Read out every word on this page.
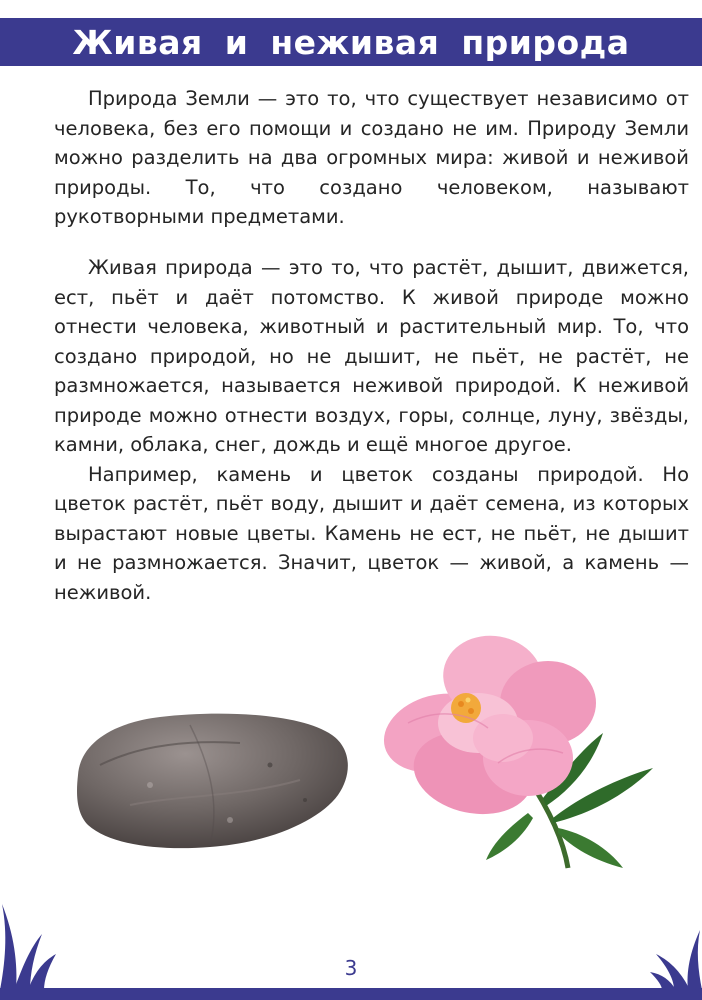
Живая и неживая природа

Природа Земли — это то, что существует независимо от человека, без его помощи и создано не им. Природу Земли можно разделить на два огромных мира: живой и неживой природы. То, что создано человеком, называют рукотворными предметами.

Живая природа — это то, что растёт, дышит, движется, ест, пьёт и даёт потомство. К живой природе можно отнести человека, животный и растительный мир. То, что создано природой, но не дышит, не пьёт, не растёт, не размножается, называется неживой природой. К неживой природе можно отнести воздух, горы, солнце, луну, звёзды, камни, облака, снег, дождь и ещё многое другое.

Например, камень и цветок созданы природой. Но цветок растёт, пьёт воду, дышит и даёт семена, из которых вырастают новые цветы. Камень не ест, не пьёт, не дышит и не размножается. Значит, цветок — живой, а камень — неживой.

3
